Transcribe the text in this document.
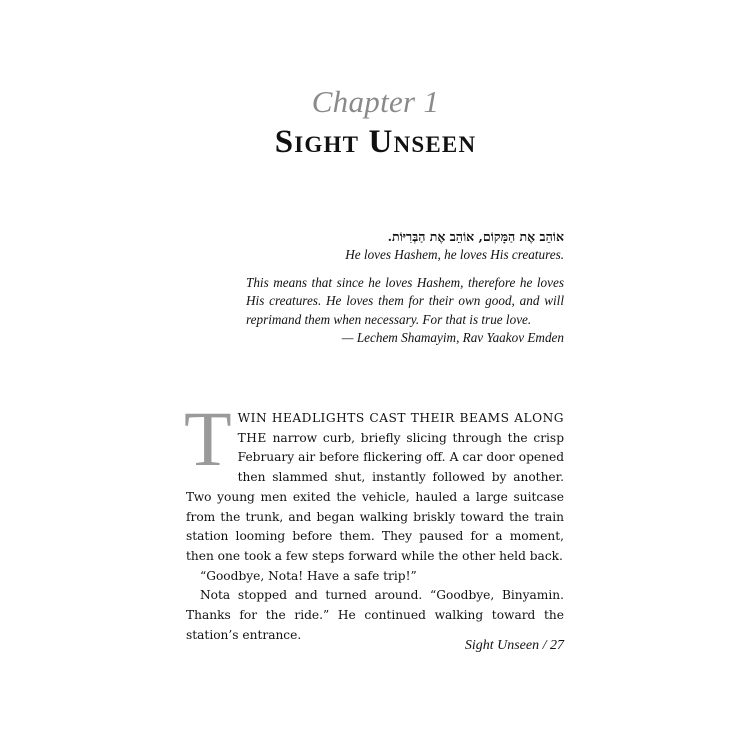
Chapter 1
Sight Unseen
אוֹהֵב אֶת הַמָּקוֹם, אוֹהֵב אֶת הַבְּרִיּוֹת.
He loves Hashem, he loves His creatures.
This means that since he loves Hashem, therefore he loves His creatures. He loves them for their own good, and will reprimand them when necessary. For that is true love.
— Lechem Shamayim, Rav Yaakov Emden

TWIN HEADLIGHTS CAST THEIR BEAMS ALONG THE narrow curb, briefly slicing through the crisp February air before flickering off. A car door opened then slammed shut, instantly followed by another. Two young men exited the vehicle, hauled a large suitcase from the trunk, and began walking briskly toward the train station looming before them. They paused for a moment, then one took a few steps forward while the other held back.

“Goodbye, Nota! Have a safe trip!”

Nota stopped and turned around. “Goodbye, Binyamin. Thanks for the ride.” He continued walking toward the station’s entrance.

Sight Unseen / 27
